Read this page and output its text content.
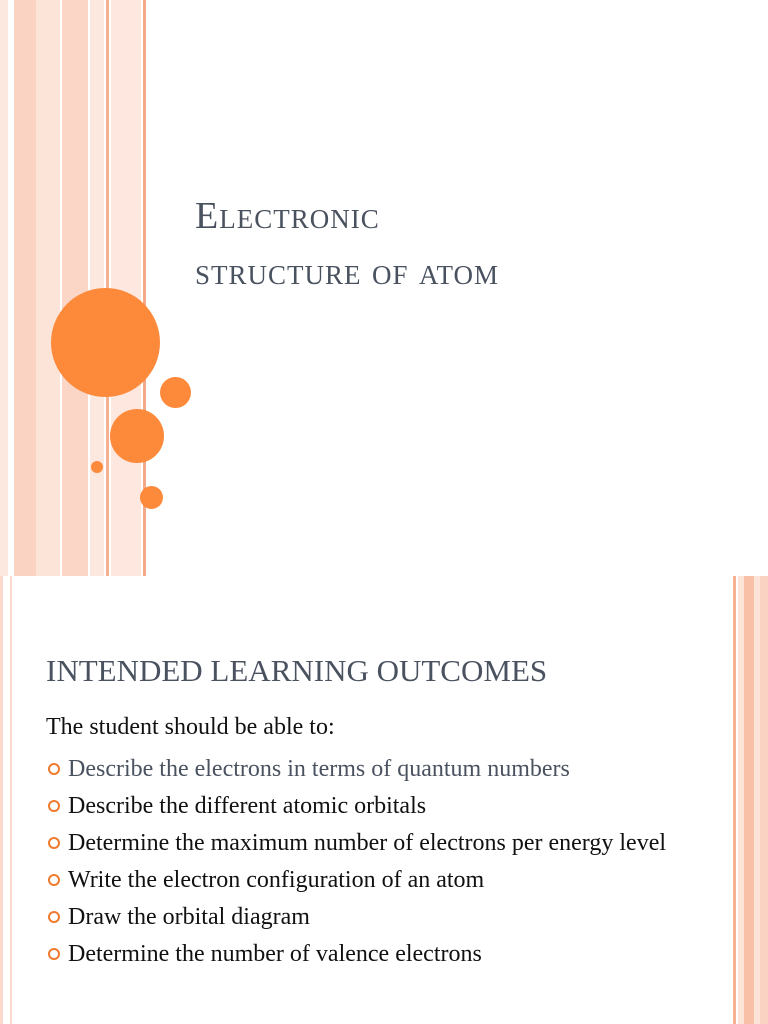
Electronic
structure of atom
INTENDED LEARNING OUTCOMES

The student should be able to:

Describe the electrons in terms of quantum numbers
Describe the different atomic orbitals
Determine the maximum number of electrons per energy level
Write the electron configuration of an atom
Draw the orbital diagram
Determine the number of valence electrons
